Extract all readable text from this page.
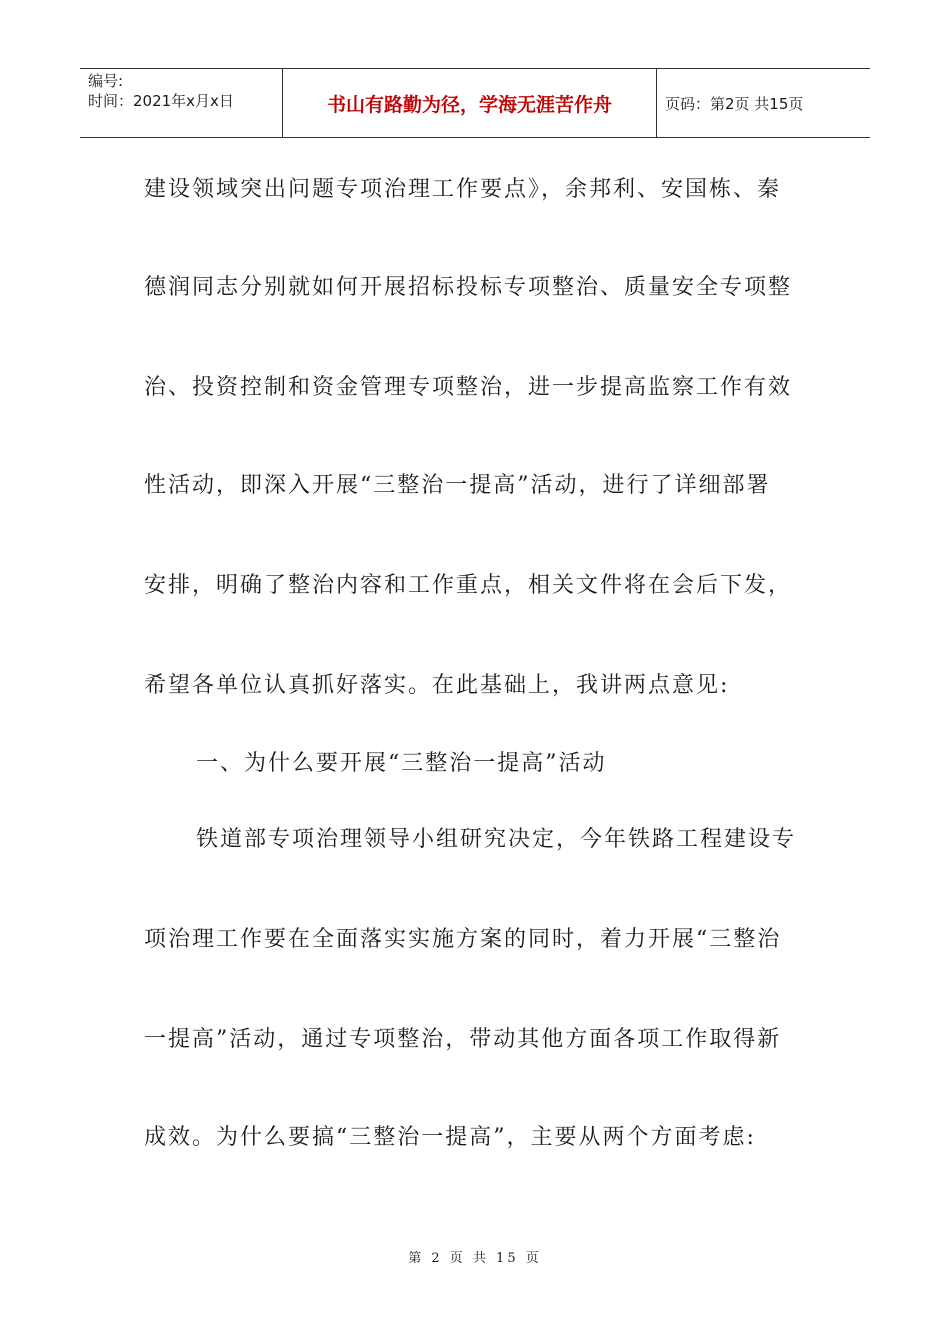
编号:
时间：2021年x月x日	书山有路勤为径，学海无涯苦作舟	页码：第2页 共15页
建设领域突出问题专项治理工作要点》，余邦利、安国栋、秦
德润同志分别就如何开展招标投标专项整治、质量安全专项整
治、投资控制和资金管理专项整治，进一步提高监察工作有效
性活动，即深入开展“三整治一提高”活动，进行了详细部署
安排，明确了整治内容和工作重点，相关文件将在会后下发，
希望各单位认真抓好落实。在此基础上，我讲两点意见:
一、为什么要开展“三整治一提高”活动
铁道部专项治理领导小组研究决定，今年铁路工程建设专
项治理工作要在全面落实实施方案的同时，着力开展“三整治
一提高”活动，通过专项整治，带动其他方面各项工作取得新
成效。为什么要搞“三整治一提高”，主要从两个方面考虑:
第 2 页 共 15 页
